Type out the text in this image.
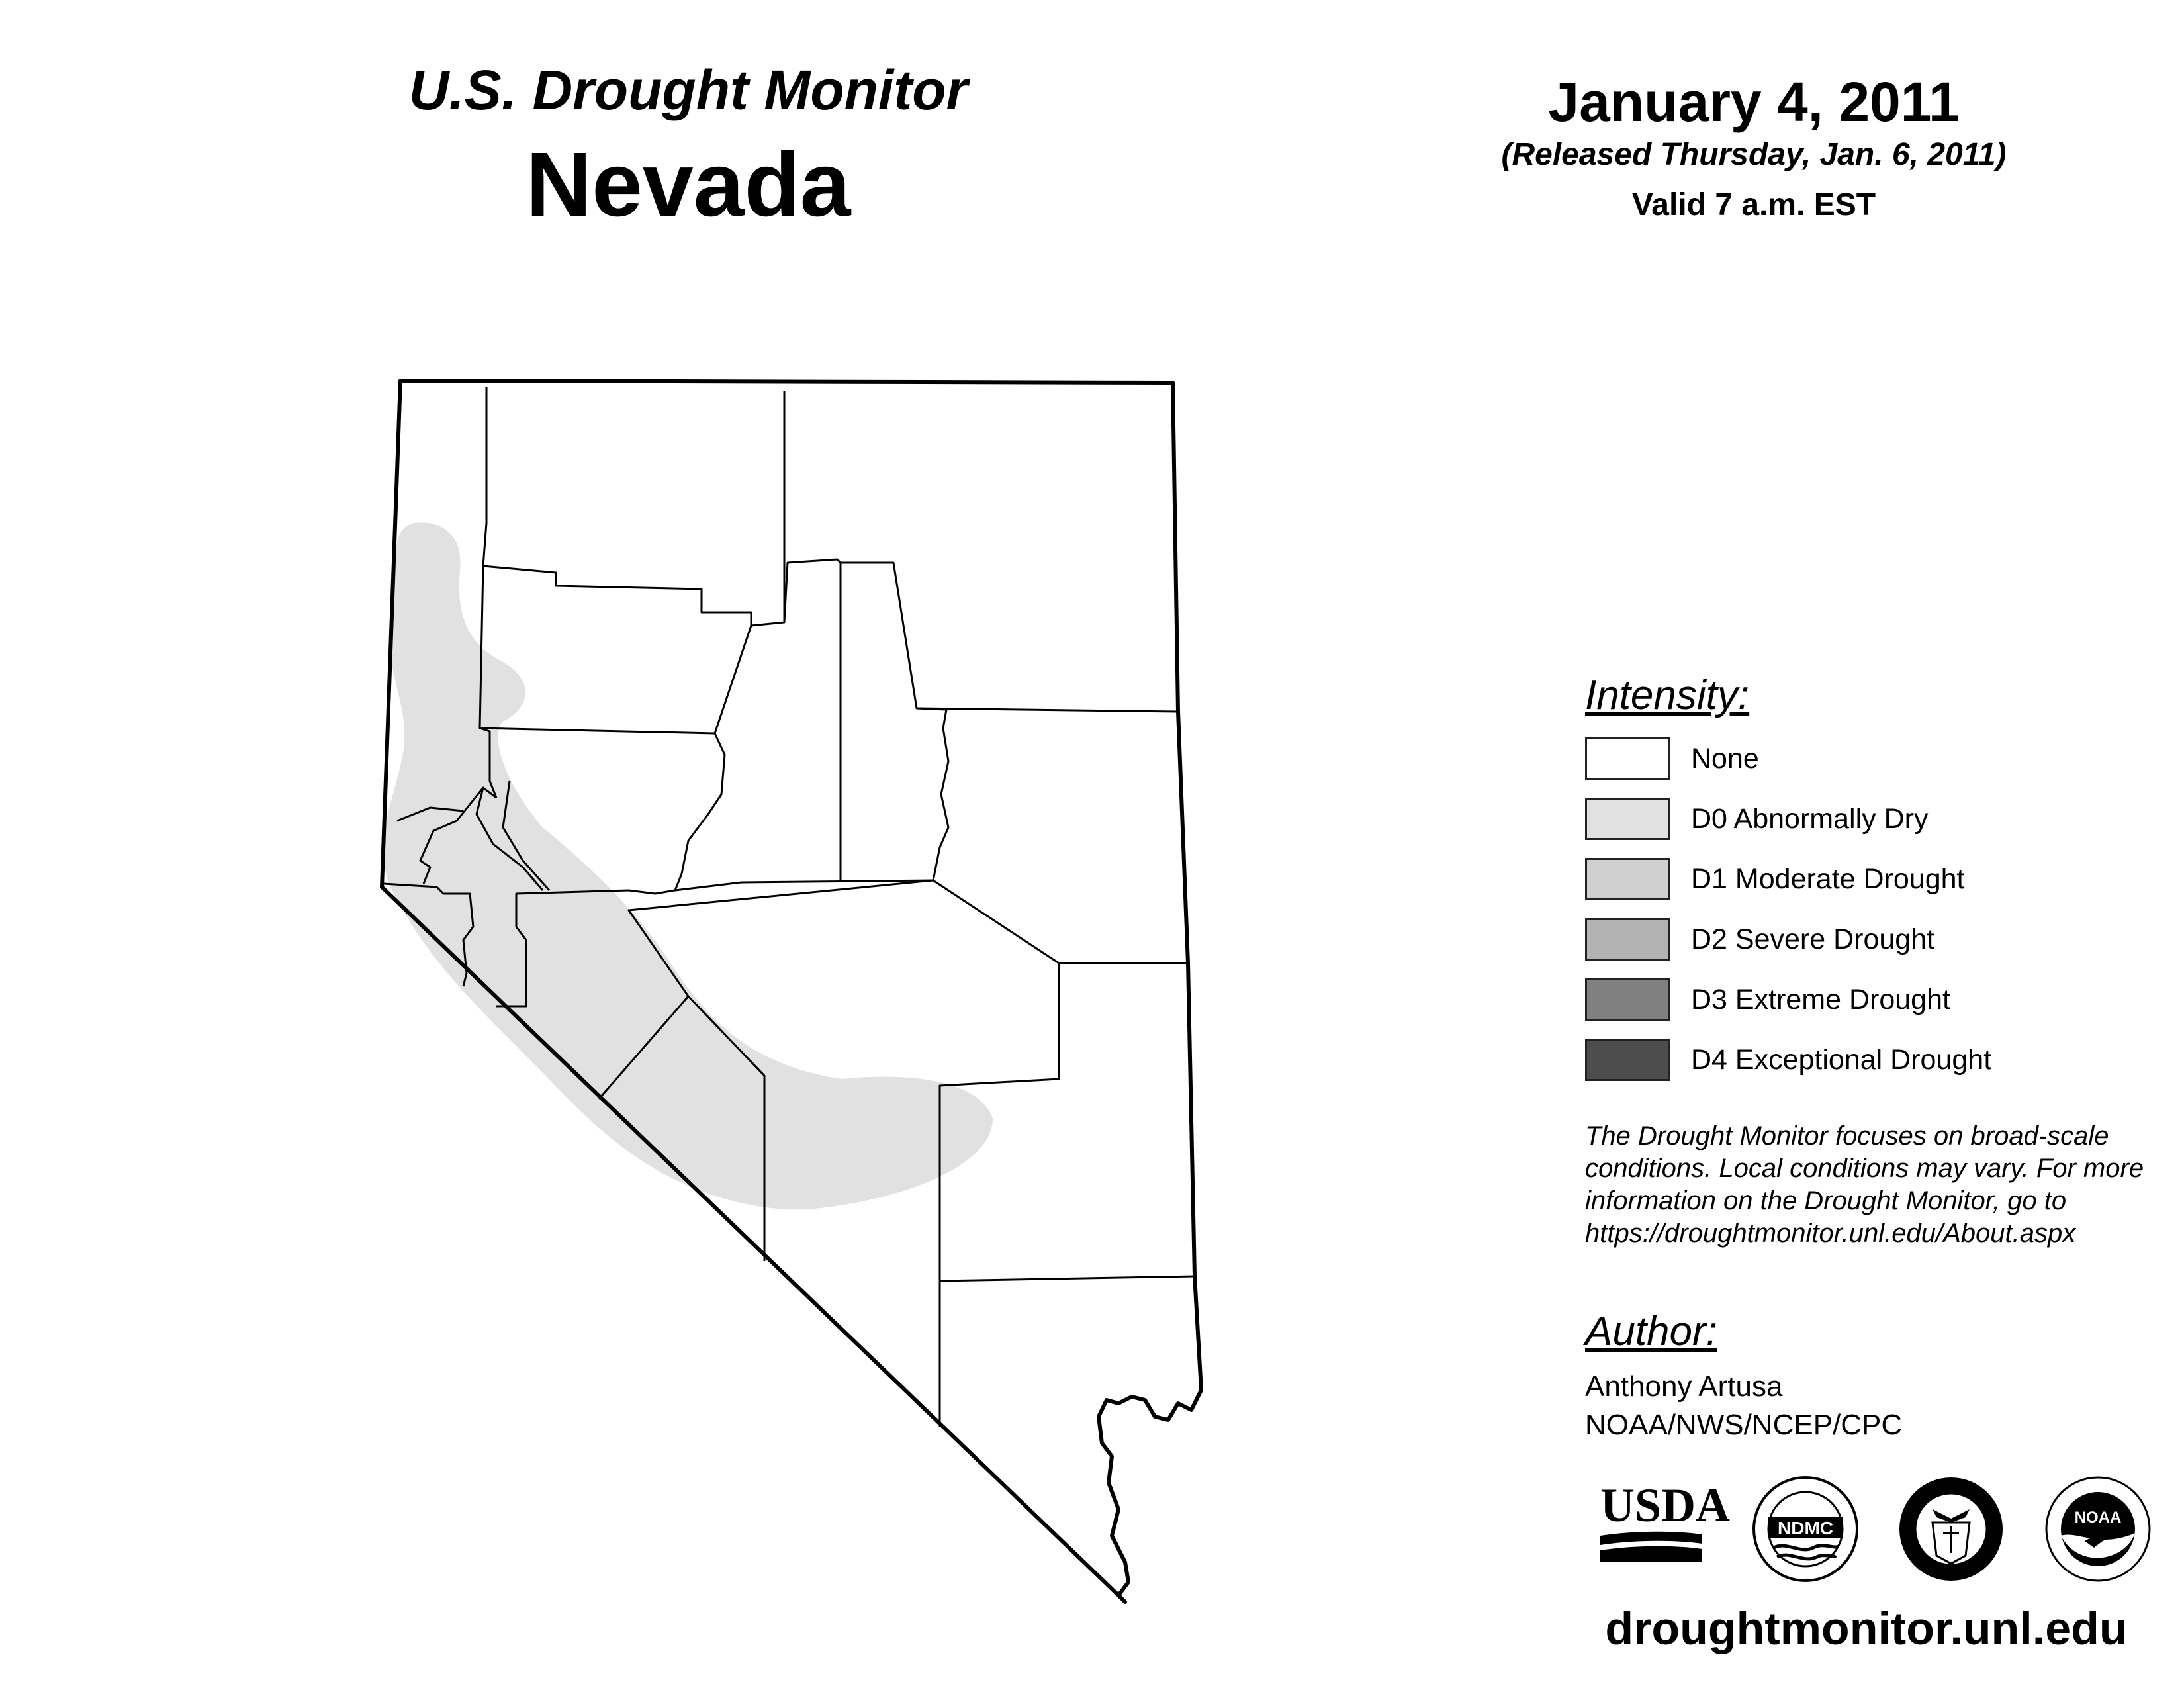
U.S. Drought Monitor
Nevada
January 4, 2011
(Released Thursday, Jan. 6, 2011)
Valid 7 a.m. EST
Intensity:
None
D0 Abnormally Dry
D1 Moderate Drought
D2 Severe Drought
D3 Extreme Drought
D4 Exceptional Drought
The Drought Monitor focuses on broad-scale
conditions. Local conditions may vary. For more
information on the Drought Monitor, go to
https://droughtmonitor.unl.edu/About.aspx
Author:
Anthony Artusa
NOAA/NWS/NCEP/CPC
USDA	NDMC
NOAA
droughtmonitor.unl.edu
